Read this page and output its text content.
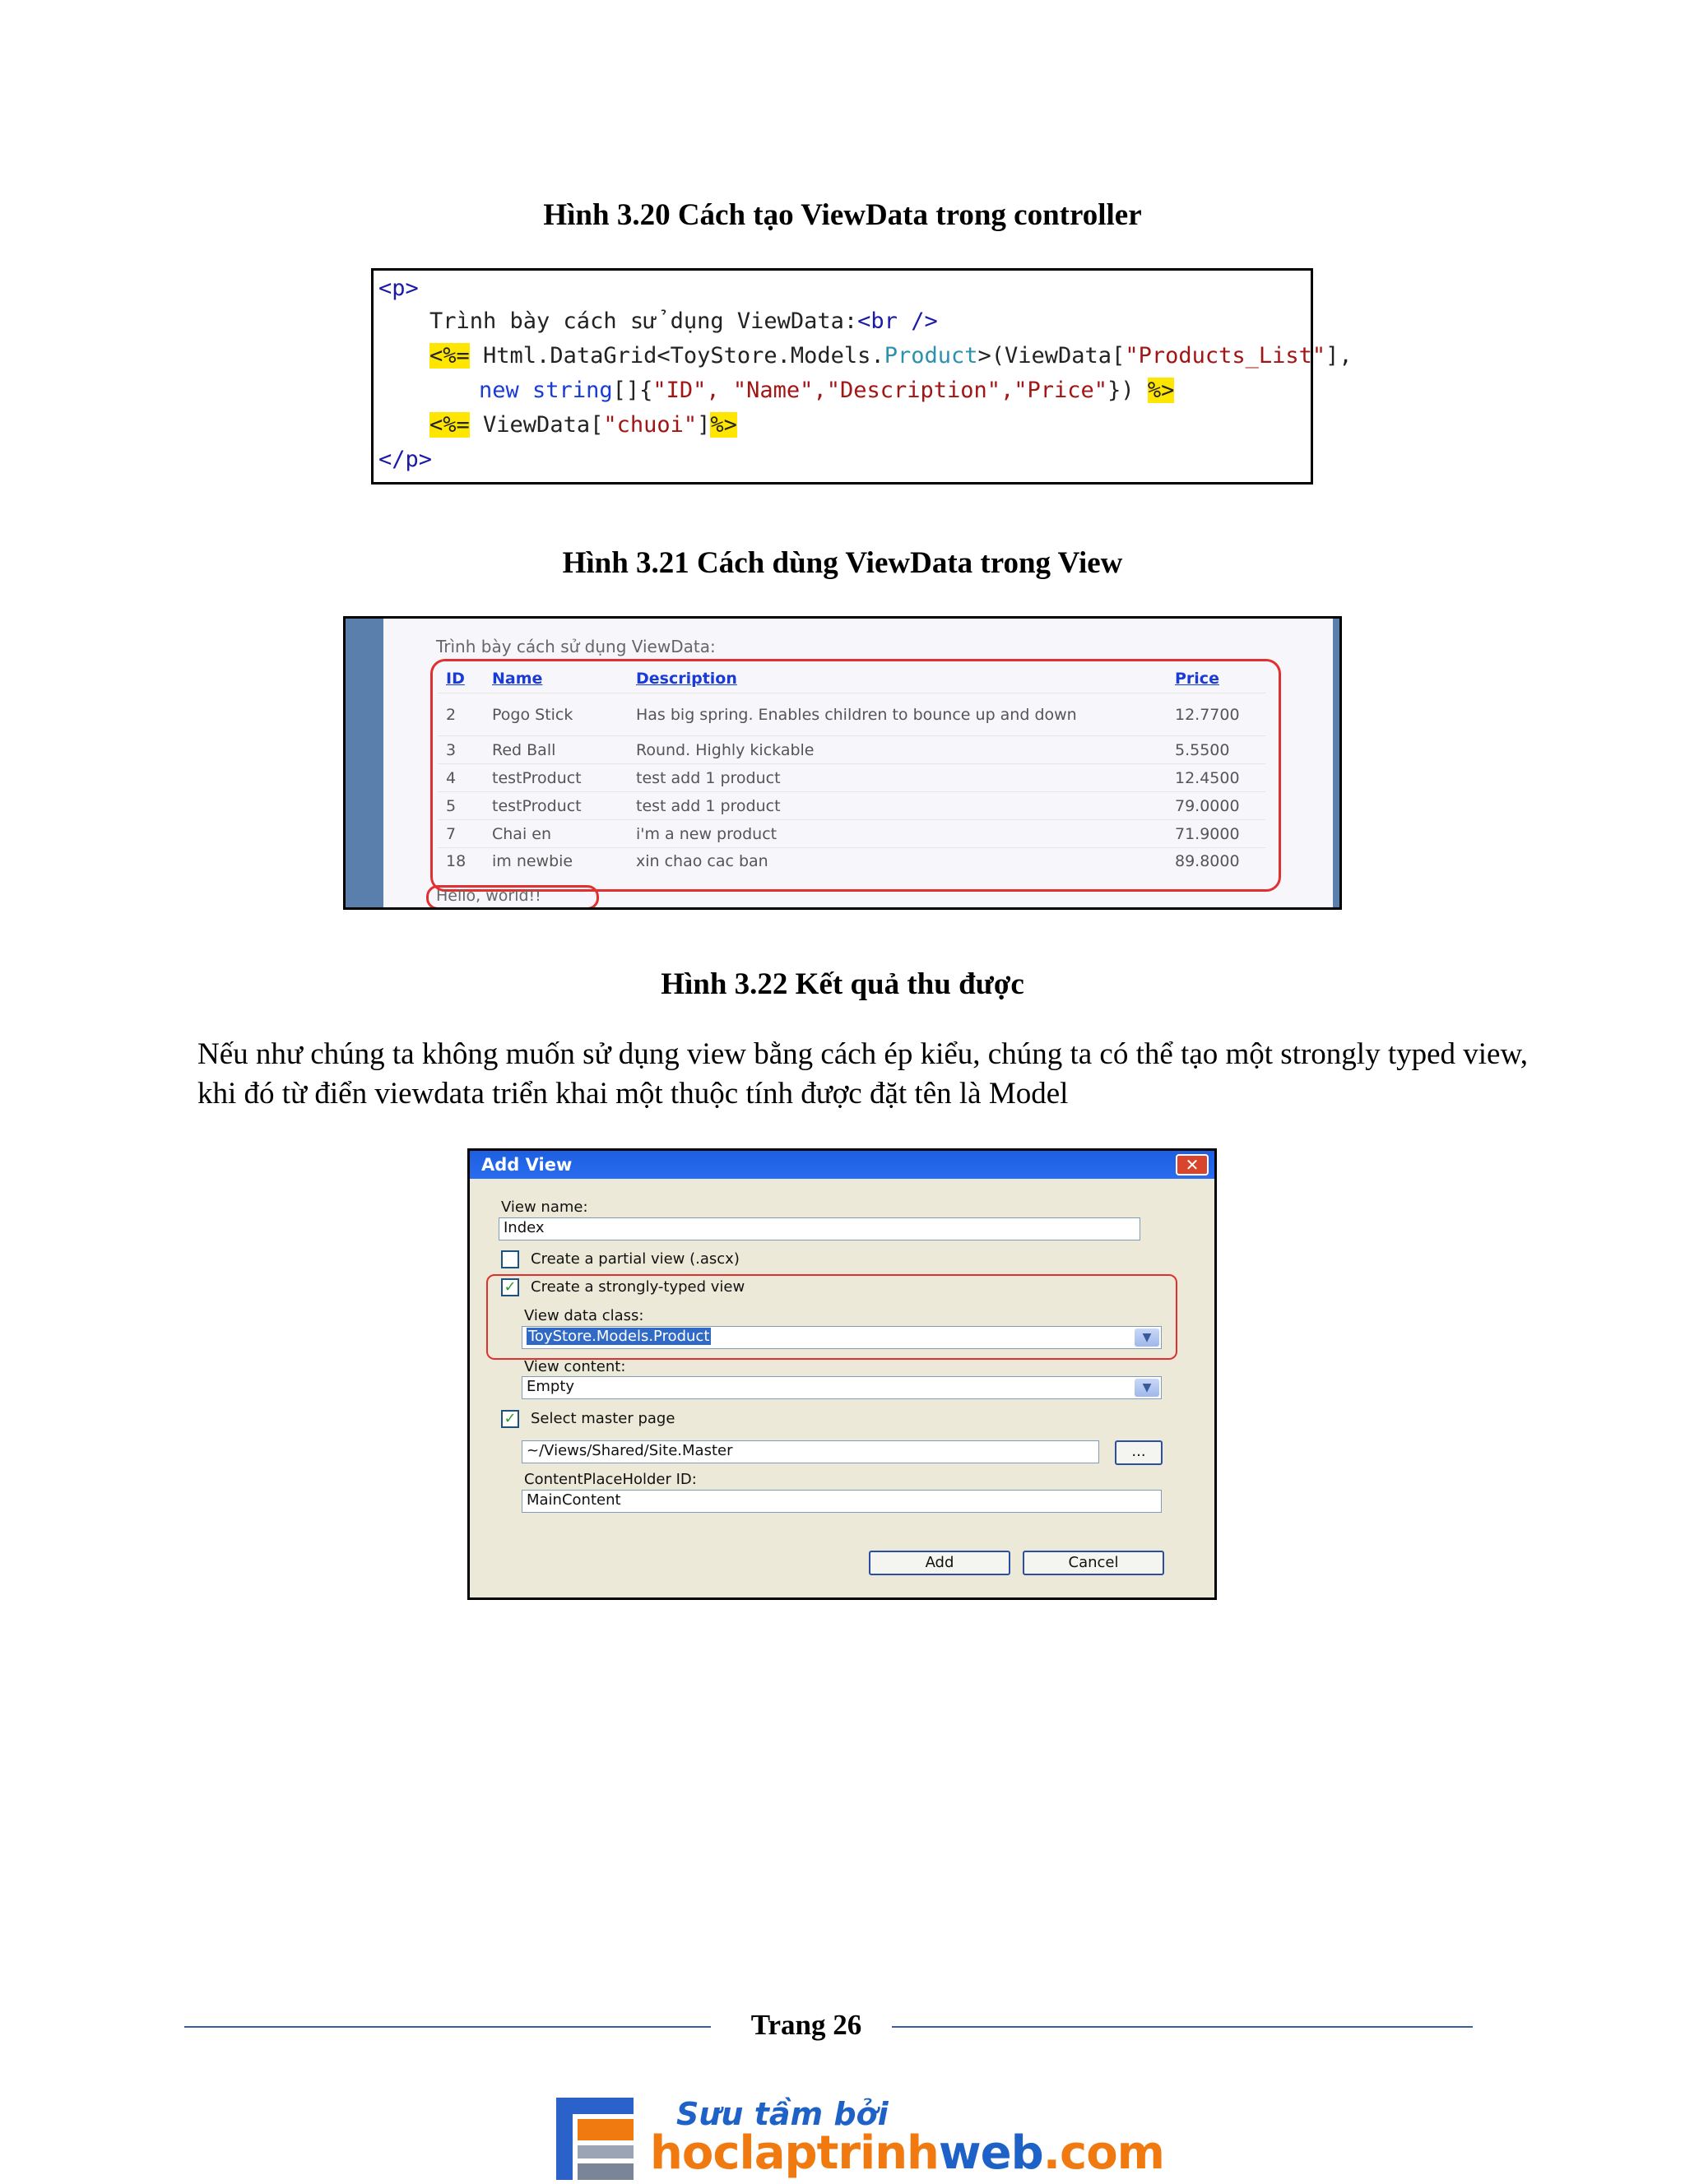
Hình 3.20 Cách tạo ViewData trong controller
<p>
Trình bày cách sử dụng ViewData:<br />
<%= Html.DataGrid<ToyStore.Models.Product>(ViewData["Products_List"],
new string[]{"ID", "Name","Description","Price"}) %>
<%= ViewData["chuoi"]%>
</p>
Hình 3.21 Cách dùng ViewData trong View
Trình bày cách sử dụng ViewData:
ID	Name	Description	Price
2	Pogo Stick	Has big spring. Enables children to bounce up and down	12.7700
3	Red Ball	Round. Highly kickable	5.5500
4	testProduct	test add 1 product	12.4500
5	testProduct	test add 1 product	79.0000
7	Chai en	i'm a new product	71.9000
18	im newbie	xin chao cac ban	89.8000
Hello, world!!
Hình 3.22 Kết quả thu được
Nếu như chúng ta không muốn sử dụng view bằng cách ép kiểu, chúng ta có thể tạo một strongly typed view, khi đó từ điển viewdata triển khai một thuộc tính được đặt tên là Model
Add View	✕
View name:
Index
Create a partial view (.ascx)
✓ Create a strongly-typed view
View data class:
ToyStore.Models.Product	▼
View content:
Empty	▼
✓ Select master page
~/Views/Shared/Site.Master	...
ContentPlaceHolder ID:
MainContent
Add	Cancel
Trang 26
Sưu tầm bởi
hoclaptrinhweb.com
